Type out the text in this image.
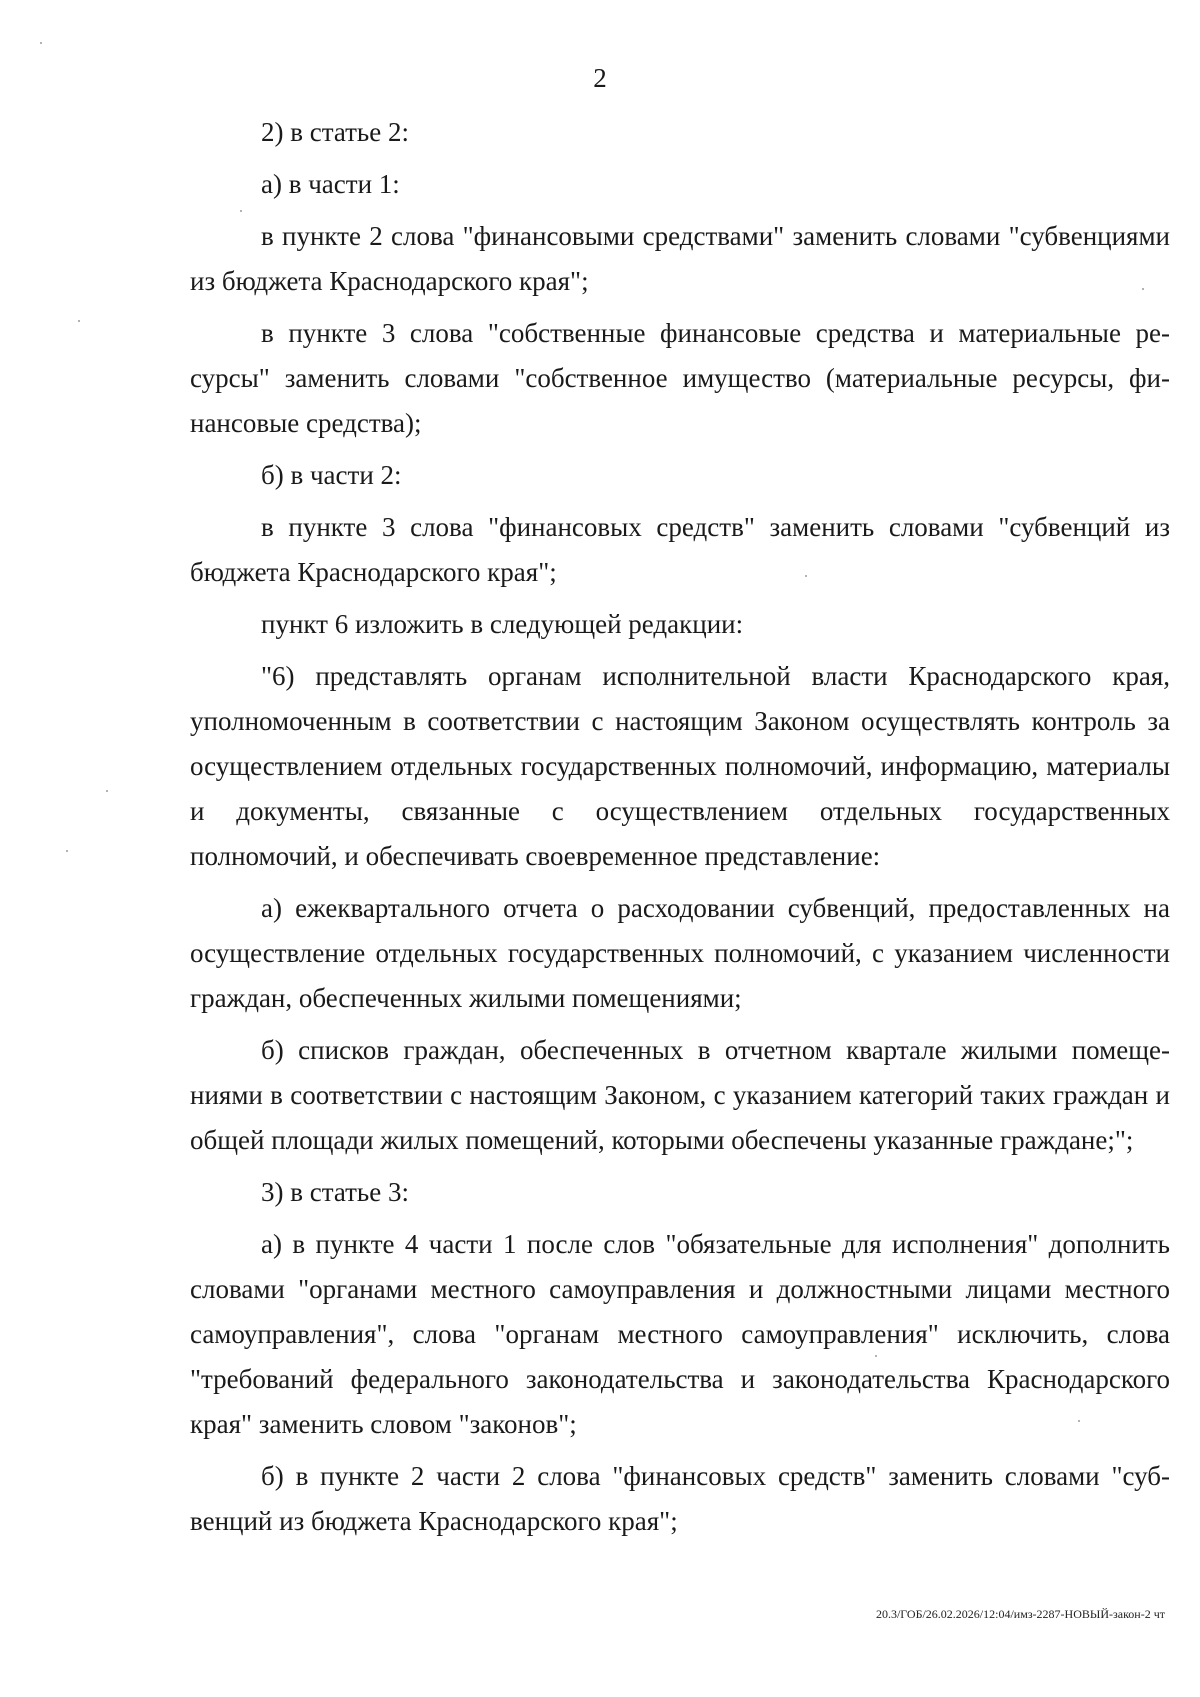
2

2) в статье 2:

а) в части 1:

в пункте 2 слова "финансовыми средствами" заменить словами "субвенциями из бюджета Краснодарского края";

в пункте 3 слова "собственные финансовые средства и материальные ресурсы" заменить словами "собственное имущество (материальные ресурсы, финансовые средства);

б) в части 2:

в пункте 3 слова "финансовых средств" заменить словами "субвенций из бюджета Краснодарского края";

пункт 6 изложить в следующей редакции:

"6) представлять органам исполнительной власти Краснодарского края, уполномоченным в соответствии с настоящим Законом осуществлять контроль за осуществлением отдельных государственных полномочий, информацию, материалы и документы, связанные с осуществлением отдельных государственных полномочий, и обеспечивать своевременное представление:

а) ежеквартального отчета о расходовании субвенций, предоставленных на осуществление отдельных государственных полномочий, с указанием численности граждан, обеспеченных жилыми помещениями;

б) списков граждан, обеспеченных в отчетном квартале жилыми помещениями в соответствии с настоящим Законом, с указанием категорий таких граждан и общей площади жилых помещений, которыми обеспечены указанные граждане;";

3) в статье 3:

а) в пункте 4 части 1 после слов "обязательные для исполнения" дополнить словами "органами местного самоуправления и должностными лицами местного самоуправления", слова "органам местного самоуправления" исключить, слова "требований федерального законодательства и законодательства Краснодарского края" заменить словом "законов";

б) в пункте 2 части 2 слова "финансовых средств" заменить словами "субвенций из бюджета Краснодарского края";

20.3/ГОБ/26.02.2026/12:04/имз-2287-НОВЫЙ-закон-2 чт
